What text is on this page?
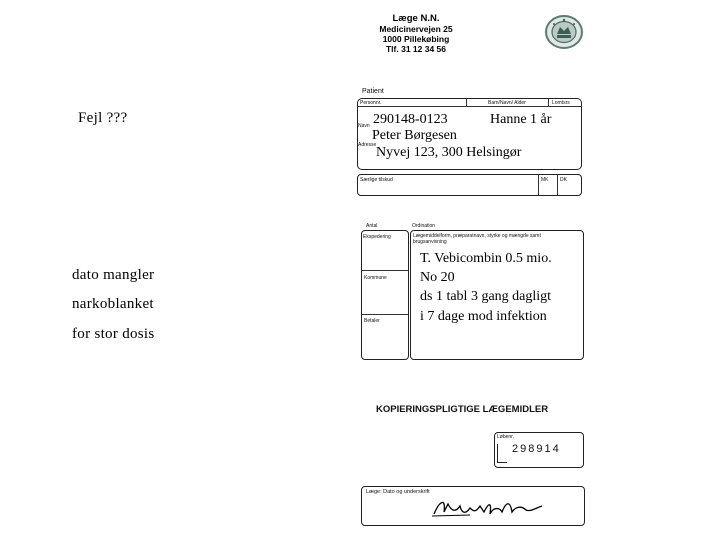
Fejl ???
dato mangler
narkoblanket
for stor dosis
Læge N.N.
Medicinervejen 25
1000 Pillekøbing
Tlf. 31 12 34 56
Patient
Personnr.	Barn/Navn/ Alder	Lomtsrs
Navn
Adresse
290148-0123	Hanne 1 år
Peter Børgesen
Nyvej 123, 300 Helsingør
Særlige tilskud	MK DK
Antal	Ordination
Ekspedering
Kommune
Betaler
Lægemiddelform, præparatnavn, styrke og mængde samt brugsanvisning
T. Vebicombin 0.5 mio.
No 20
ds 1 tabl 3 gang dagligt
i 7 dage mod infektion
KOPIERINGSPLIGTIGE LÆGEMIDLER
Løbenr.
298914
Læge: Dato og underskrift
